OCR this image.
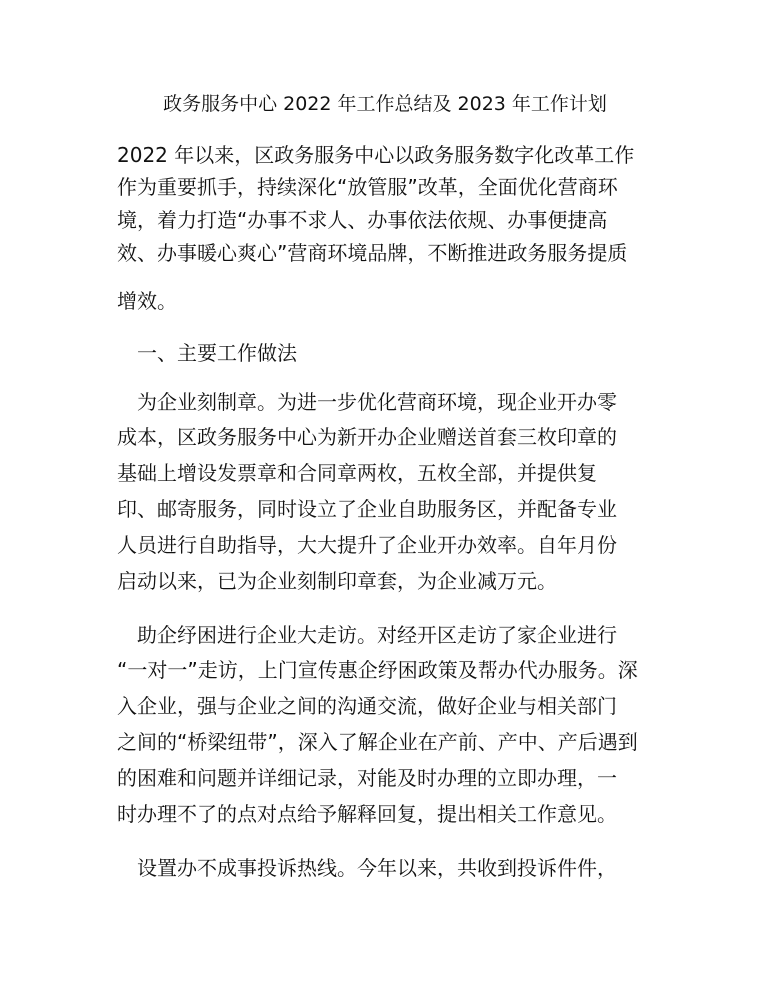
政务服务中心 2022 年工作总结及 2023 年工作计划
2022 年以来，区政务服务中心以政务服务数字化改革工作
作为重要抓手，持续深化“放管服”改革，全面优化营商环
境，着力打造“办事不求人、办事依法依规、办事便捷高
效、办事暖心爽心”营商环境品牌，不断推进政务服务提质
增效。
一、主要工作做法
为企业刻制章。为进一步优化营商环境，现企业开办零
成本，区政务服务中心为新开办企业赠送首套三枚印章的
基础上增设发票章和合同章两枚，五枚全部，并提供复
印、邮寄服务，同时设立了企业自助服务区，并配备专业
人员进行自助指导，大大提升了企业开办效率。自年月份
启动以来，已为企业刻制印章套，为企业减万元。
助企纾困进行企业大走访。对经开区走访了家企业进行
“一对一”走访，上门宣传惠企纾困政策及帮办代办服务。深
入企业，强与企业之间的沟通交流，做好企业与相关部门
之间的“桥梁纽带”，深入了解企业在产前、产中、产后遇到
的困难和问题并详细记录，对能及时办理的立即办理，一
时办理不了的点对点给予解释回复，提出相关工作意见。
设置办不成事投诉热线。今年以来，共收到投诉件件，
